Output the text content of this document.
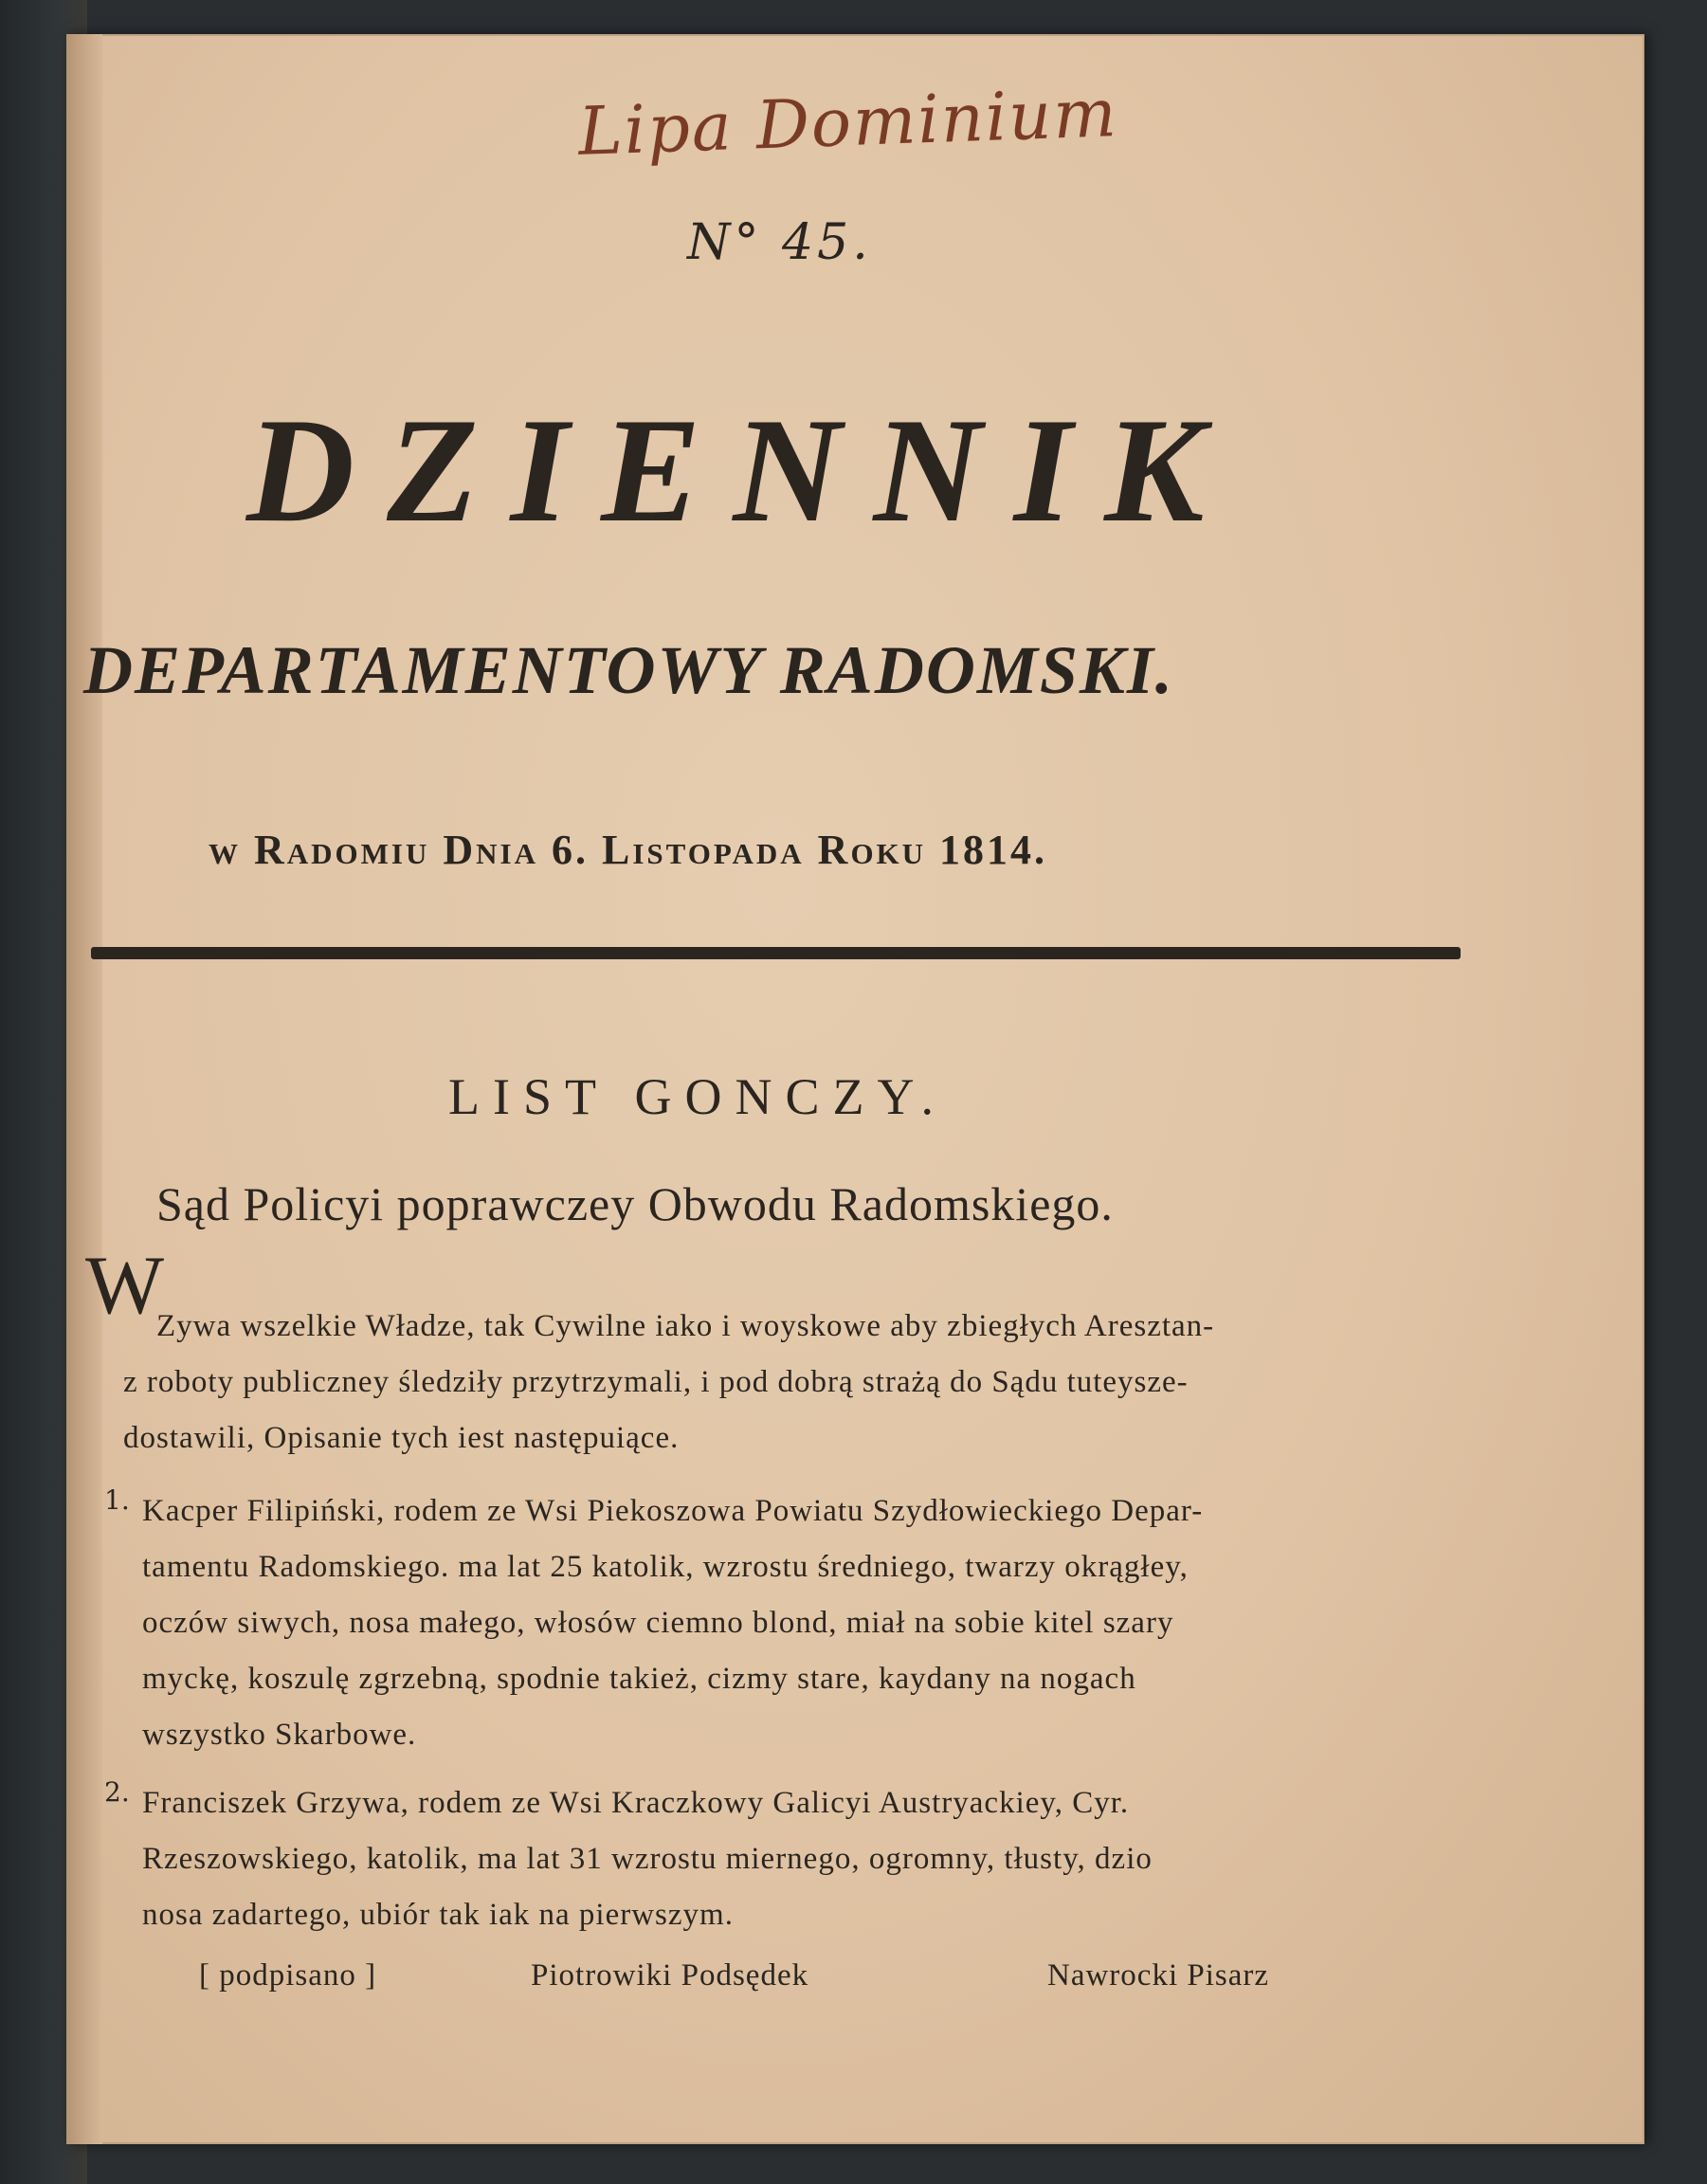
Lipa Dominium
N° 45.
DZIENNIK
DEPARTAMENTOWY RADOMSKI.
w Radomiu Dnia 6. Listopada Roku 1814.
LIST GONCZY.
Sąd Policyi poprawczey Obwodu Radomskiego.
W
Zywa wszelkie Władze, tak Cywilne iako i woyskowe aby zbiegłych Aresztan-
z roboty publiczney śledziły przytrzymali, i pod dobrą strażą do Sądu tuteysze-
dostawili, Opisanie tych iest następuiące.
1. Kacper Filipiński, rodem ze Wsi Piekoszowa Powiatu Szydłowieckiego Depar-
tamentu Radomskiego. ma lat 25 katolik, wzrostu średniego, twarzy okrągłey,
oczów siwych, nosa małego, włosów ciemno blond, miał na sobie kitel szary
myckę, koszulę zgrzebną, spodnie takież, cizmy stare, kaydany na nogach
wszystko Skarbowe.
2. Franciszek Grzywa, rodem ze Wsi Kraczkowy Galicyi Austryackiey, Cyr.
Rzeszowskiego, katolik, ma lat 31 wzrostu miernego, ogromny, tłusty, dzio
nosa zadartego, ubiór tak iak na pierwszym.
[ podpisano ]	Piotrowiki Podsędek	Nawrocki Pisarz
